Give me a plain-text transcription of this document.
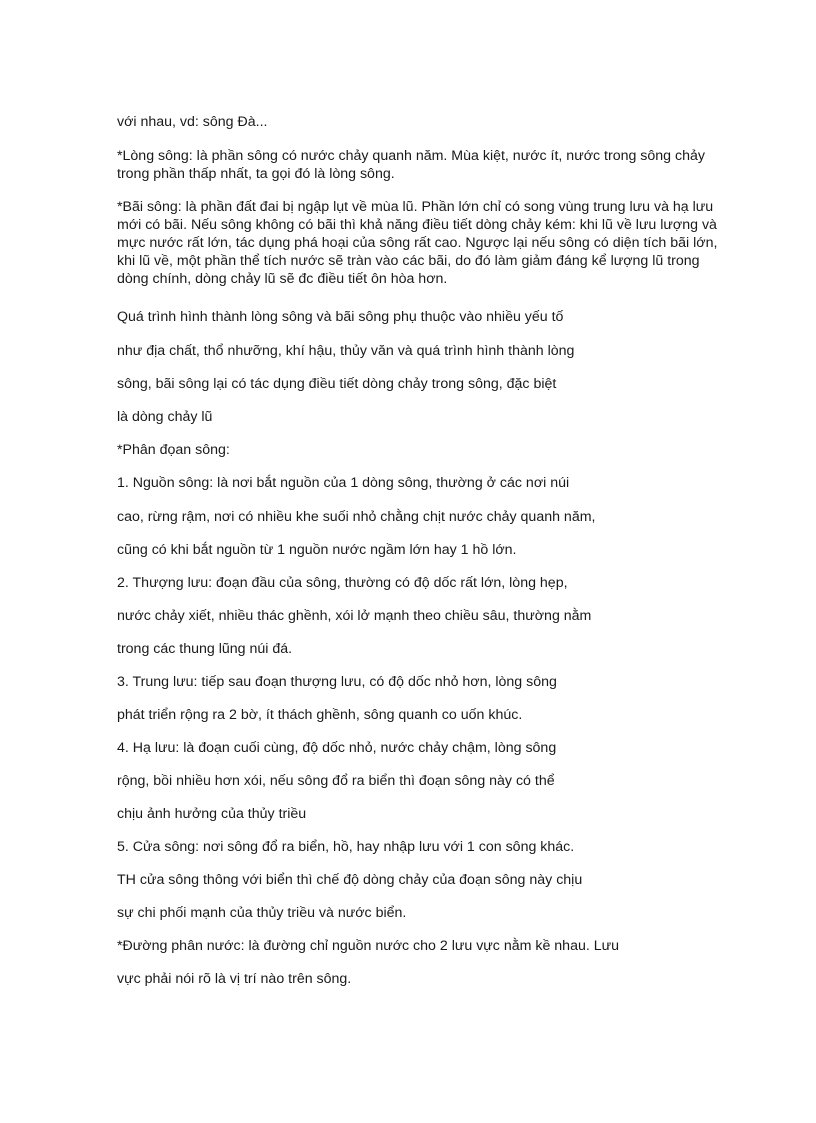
với nhau, vd: sông Đà...

*Lòng sông: là phần sông có nước chảy quanh năm. Mùa kiệt, nước ít, nước trong sông chảy

trong phần thấp nhất, ta gọi đó là lòng sông.

*Bãi sông: là phần đất đai bị ngập lụt về mùa lũ. Phần lớn chỉ có song vùng trung lưu và hạ lưu

mới có bãi. Nếu sông không có bãi thì khả năng điều tiết dòng chảy kém: khi lũ về lưu lượng và

mực nước rất lớn, tác dụng phá hoại của sông rất cao. Ngược lại nếu sông có diện tích bãi lớn,

khi lũ về, một phần thể tích nước sẽ tràn vào các bãi, do đó làm giảm đáng kể lượng lũ trong

dòng chính, dòng chảy lũ sẽ đc điều tiết ôn hòa hơn.

Quá trình hình thành lòng sông và bãi sông phụ thuộc vào nhiều yếu tố

như địa chất, thổ nhưỡng, khí hậu, thủy văn và quá trình hình thành lòng

sông, bãi sông lại có tác dụng điều tiết dòng chảy trong sông, đặc biệt

là dòng chảy lũ

*Phân đọan sông:

1. Nguồn sông: là nơi bắt nguồn của 1 dòng sông, thường ở các nơi núi

cao, rừng rậm, nơi có nhiều khe suối nhỏ chằng chịt nước chảy quanh năm,

cũng có khi bắt nguồn từ 1 nguồn nước ngầm lớn hay 1 hồ lớn.

2. Thượng lưu: đoạn đầu của sông, thường có độ dốc rất lớn, lòng hẹp,

nước chảy xiết, nhiều thác ghềnh, xói lở mạnh theo chiều sâu, thường nằm

trong các thung lũng núi đá.

3. Trung lưu: tiếp sau đoạn thượng lưu, có độ dốc nhỏ hơn, lòng sông

phát triển rộng ra 2 bờ, ít thách ghềnh, sông quanh co uốn khúc.

4. Hạ lưu: là đoạn cuối cùng, độ dốc nhỏ, nước chảy chậm, lòng sông

rộng, bồi nhiều hơn xói, nếu sông đổ ra biển thì đoạn sông này có thể

chịu ảnh hưởng của thủy triều

5. Cửa sông: nơi sông đổ ra biển, hồ, hay nhập lưu với 1 con sông khác.

TH cửa sông thông với biển thì chế độ dòng chảy của đoạn sông này chịu

sự chi phối mạnh của thủy triều và nước biển.

*Đường phân nước: là đường chỉ nguồn nước cho 2 lưu vực nằm kề nhau. Lưu

vực phải nói rõ là vị trí nào trên sông.
